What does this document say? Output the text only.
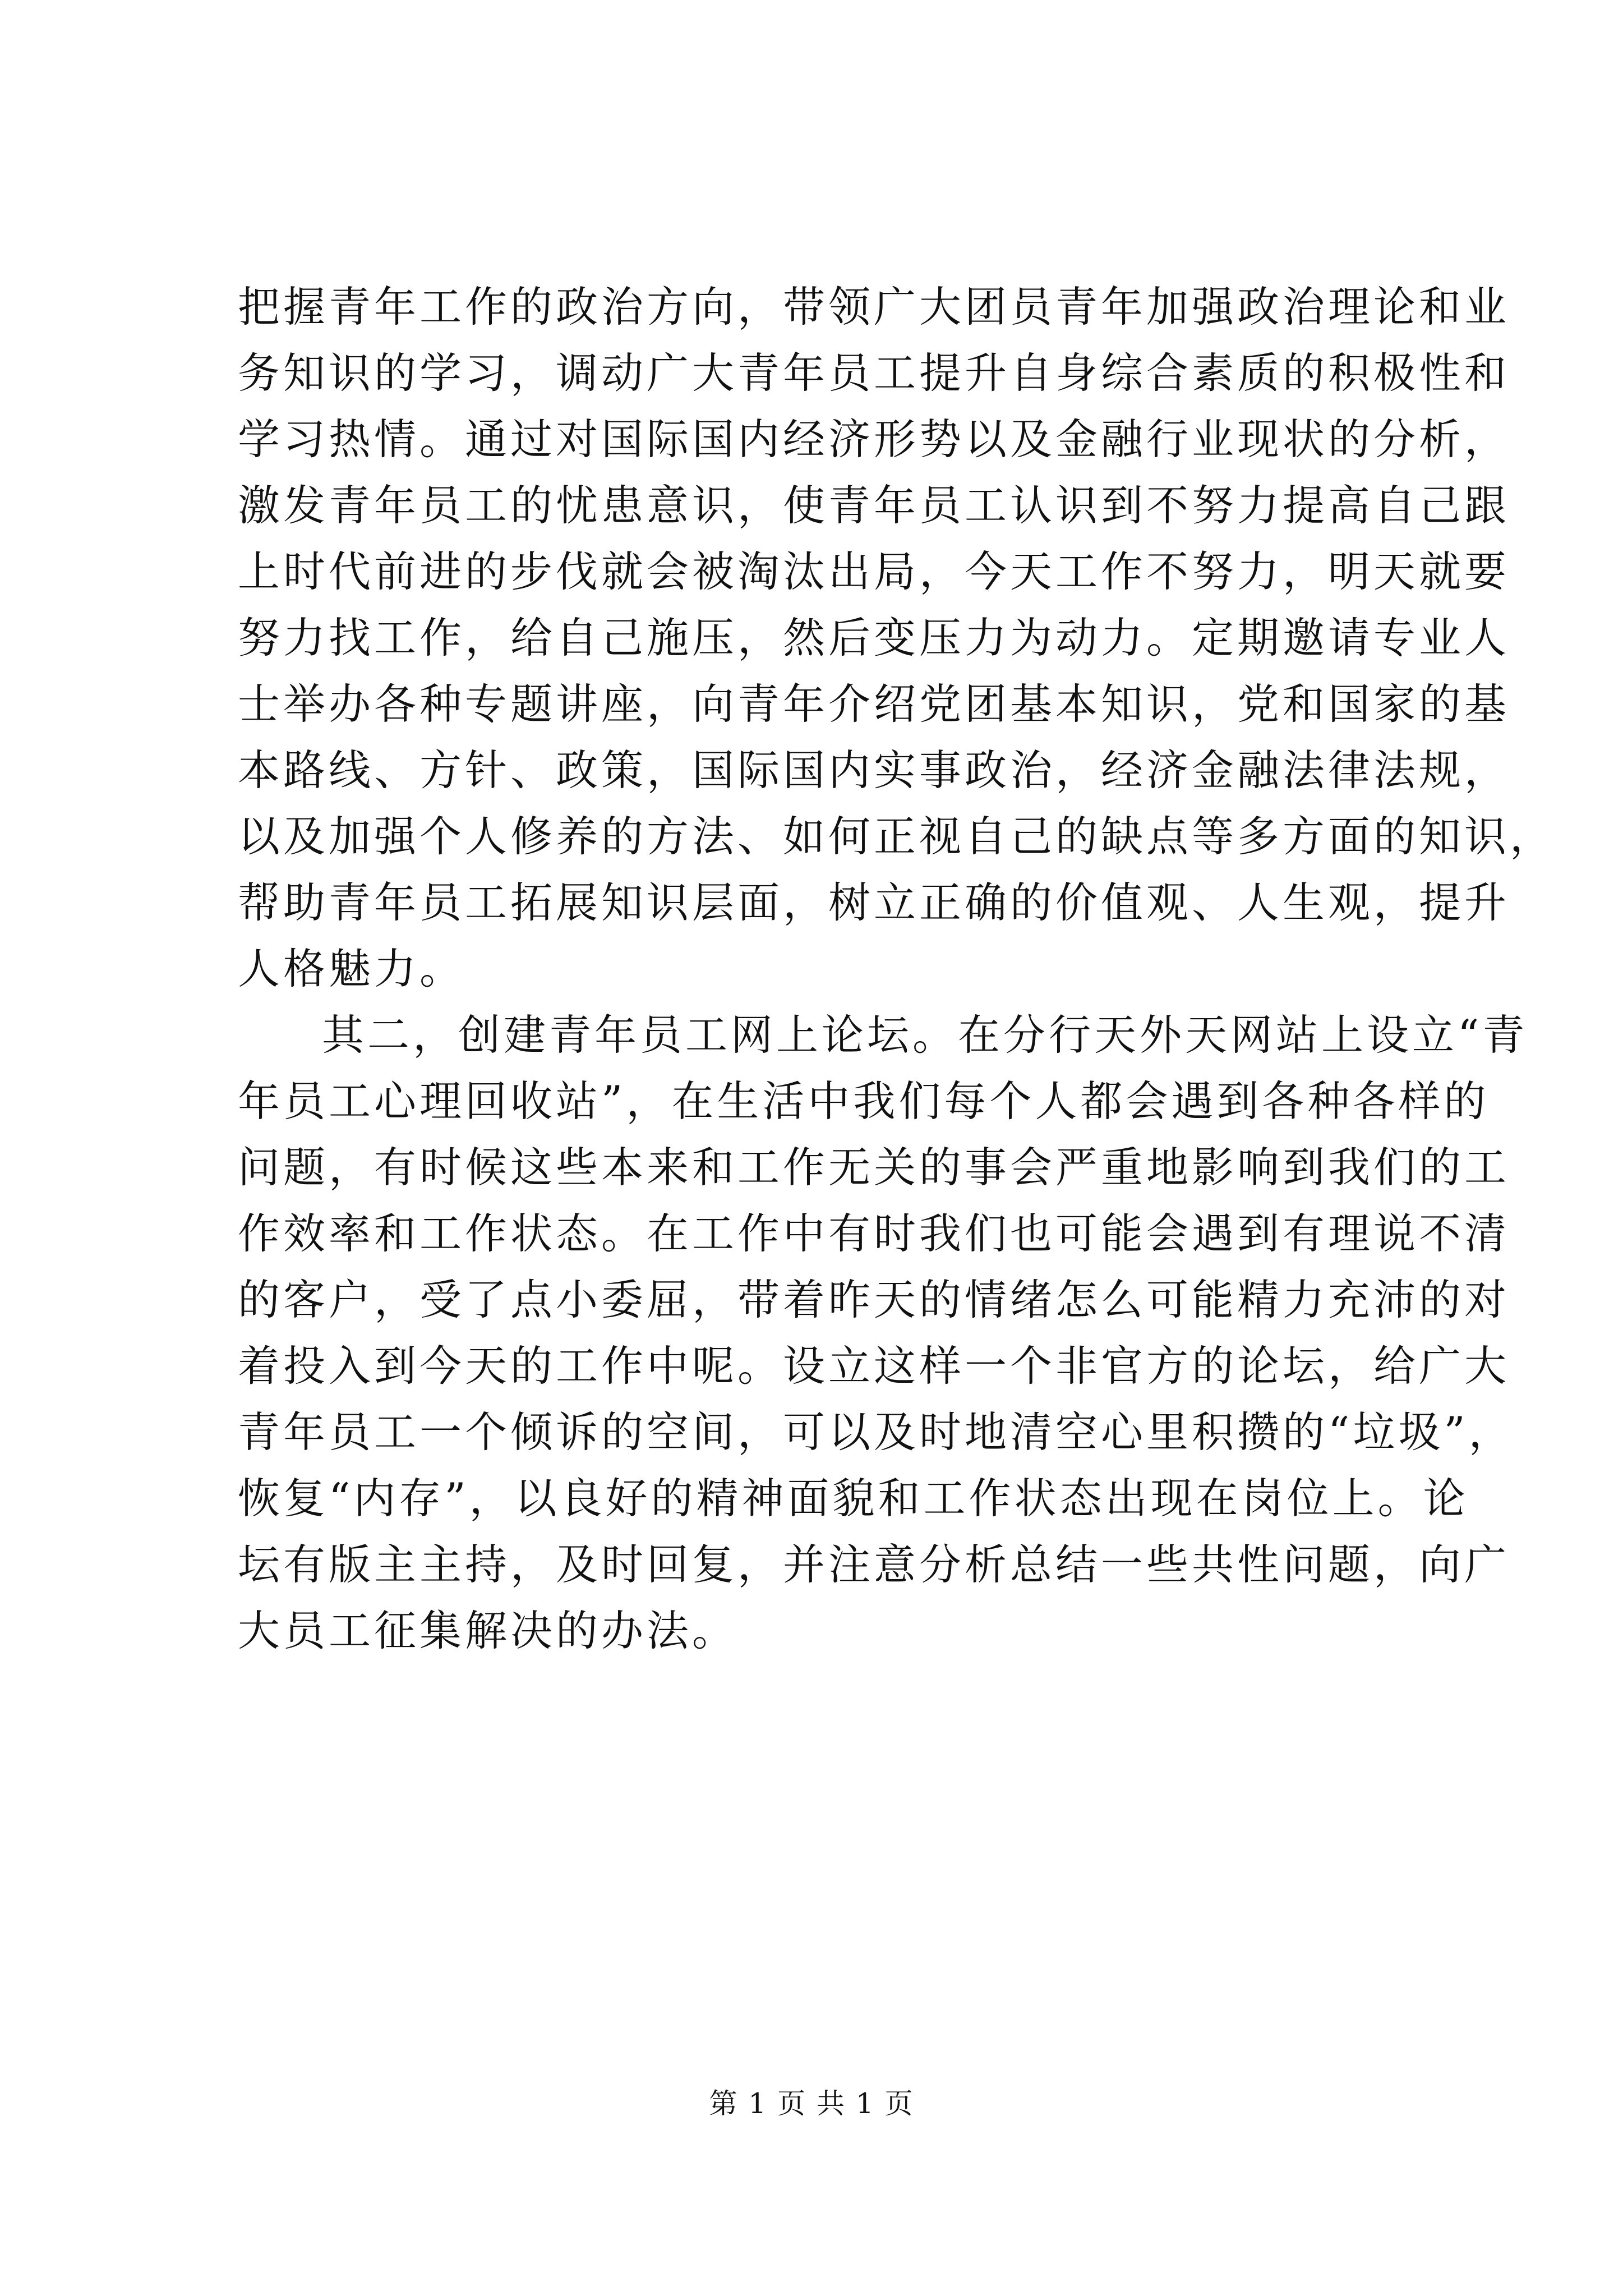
把握青年工作的政治方向，带领广大团员青年加强政治理论和业
务知识的学习，调动广大青年员工提升自身综合素质的积极性和
学习热情。通过对国际国内经济形势以及金融行业现状的分析，
激发青年员工的忧患意识，使青年员工认识到不努力提高自己跟
上时代前进的步伐就会被淘汰出局，今天工作不努力，明天就要
努力找工作，给自己施压，然后变压力为动力。定期邀请专业人
士举办各种专题讲座，向青年介绍党团基本知识，党和国家的基
本路线、方针、政策，国际国内实事政治，经济金融法律法规，
以及加强个人修养的方法、如何正视自己的缺点等多方面的知识，
帮助青年员工拓展知识层面，树立正确的价值观、人生观，提升
人格魅力。
其二，创建青年员工网上论坛。在分行天外天网站上设立“青
年员工心理回收站”，在生活中我们每个人都会遇到各种各样的
问题，有时候这些本来和工作无关的事会严重地影响到我们的工
作效率和工作状态。在工作中有时我们也可能会遇到有理说不清
的客户，受了点小委屈，带着昨天的情绪怎么可能精力充沛的对
着投入到今天的工作中呢。设立这样一个非官方的论坛，给广大
青年员工一个倾诉的空间，可以及时地清空心里积攒的“垃圾”，
恢复“内存”，以良好的精神面貌和工作状态出现在岗位上。论
坛有版主主持，及时回复，并注意分析总结一些共性问题，向广
大员工征集解决的办法。
第 1 页 共 1 页
